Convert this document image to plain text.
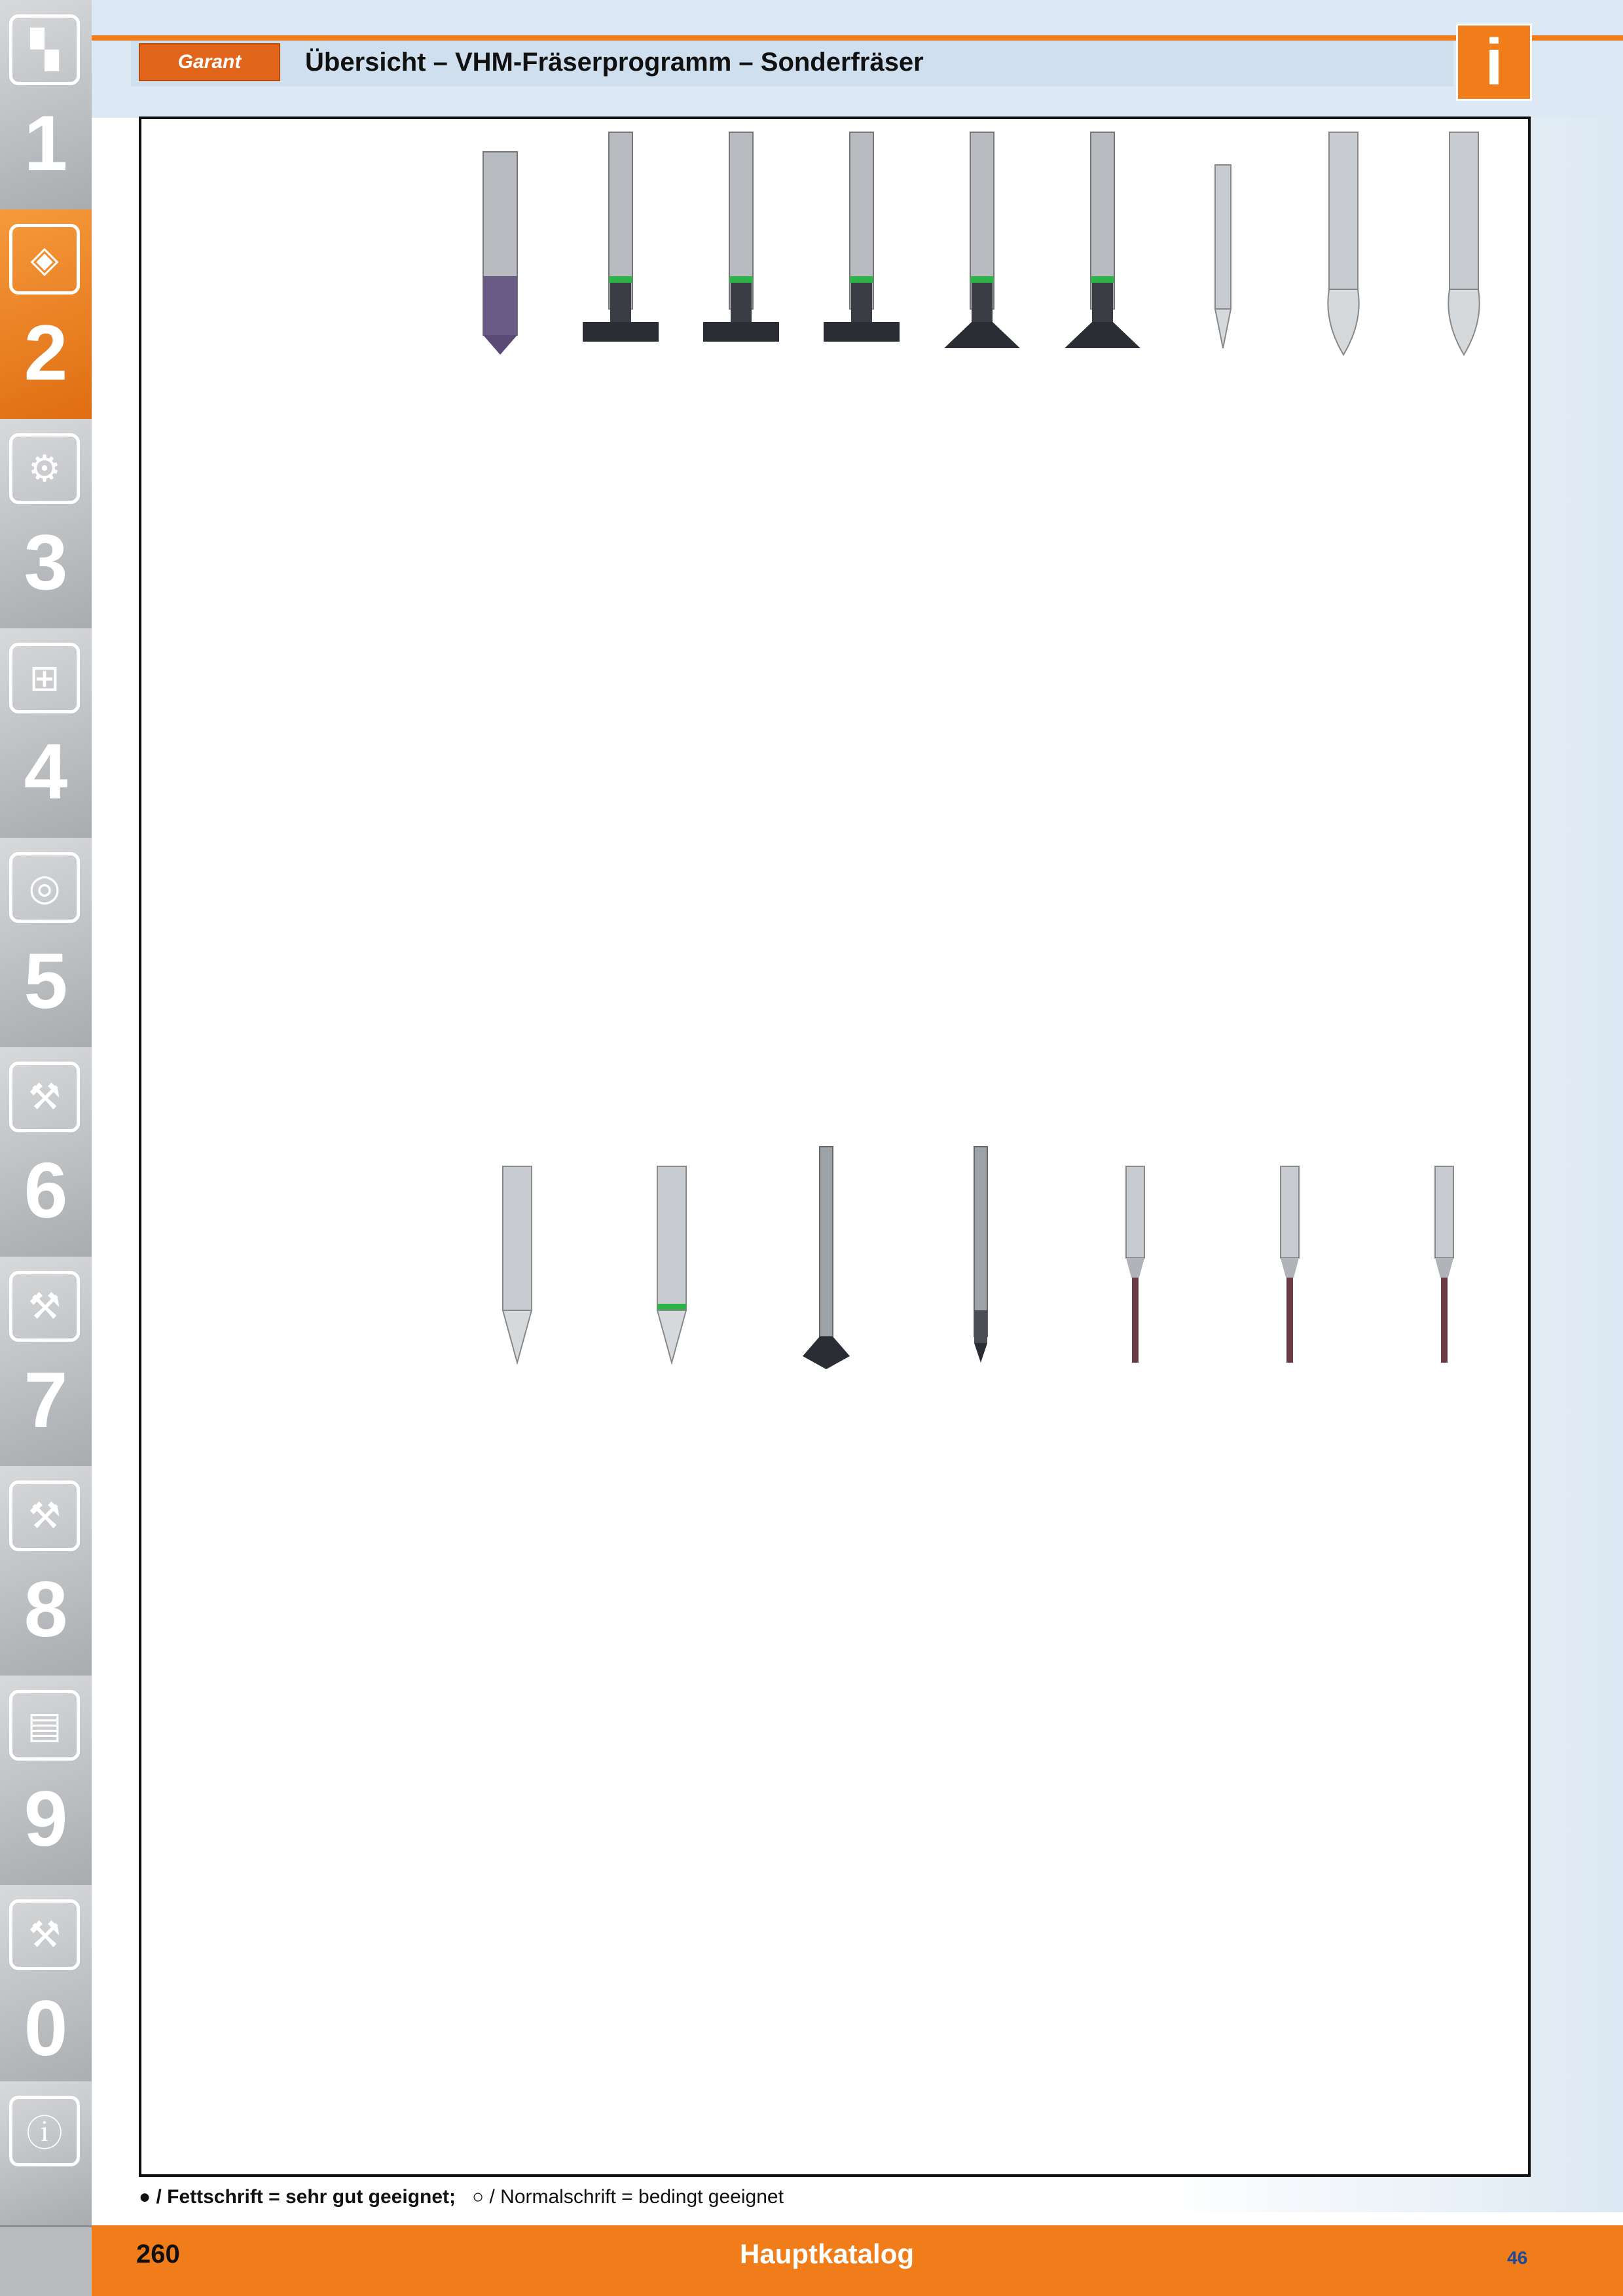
▚
1
◈
2
⚙
3
⊞
4
◎
5
⚒
6
⚒
7
⚒
8
▤
9
⚒
0
ⓘ
Garant	Übersicht – VHM-Fräserprogramm – Sonderfräser	i
● / Fettschrift = sehr gut geeignet; ○ / Normalschrift = bedingt geeignet
260	Hauptkatalog	46
